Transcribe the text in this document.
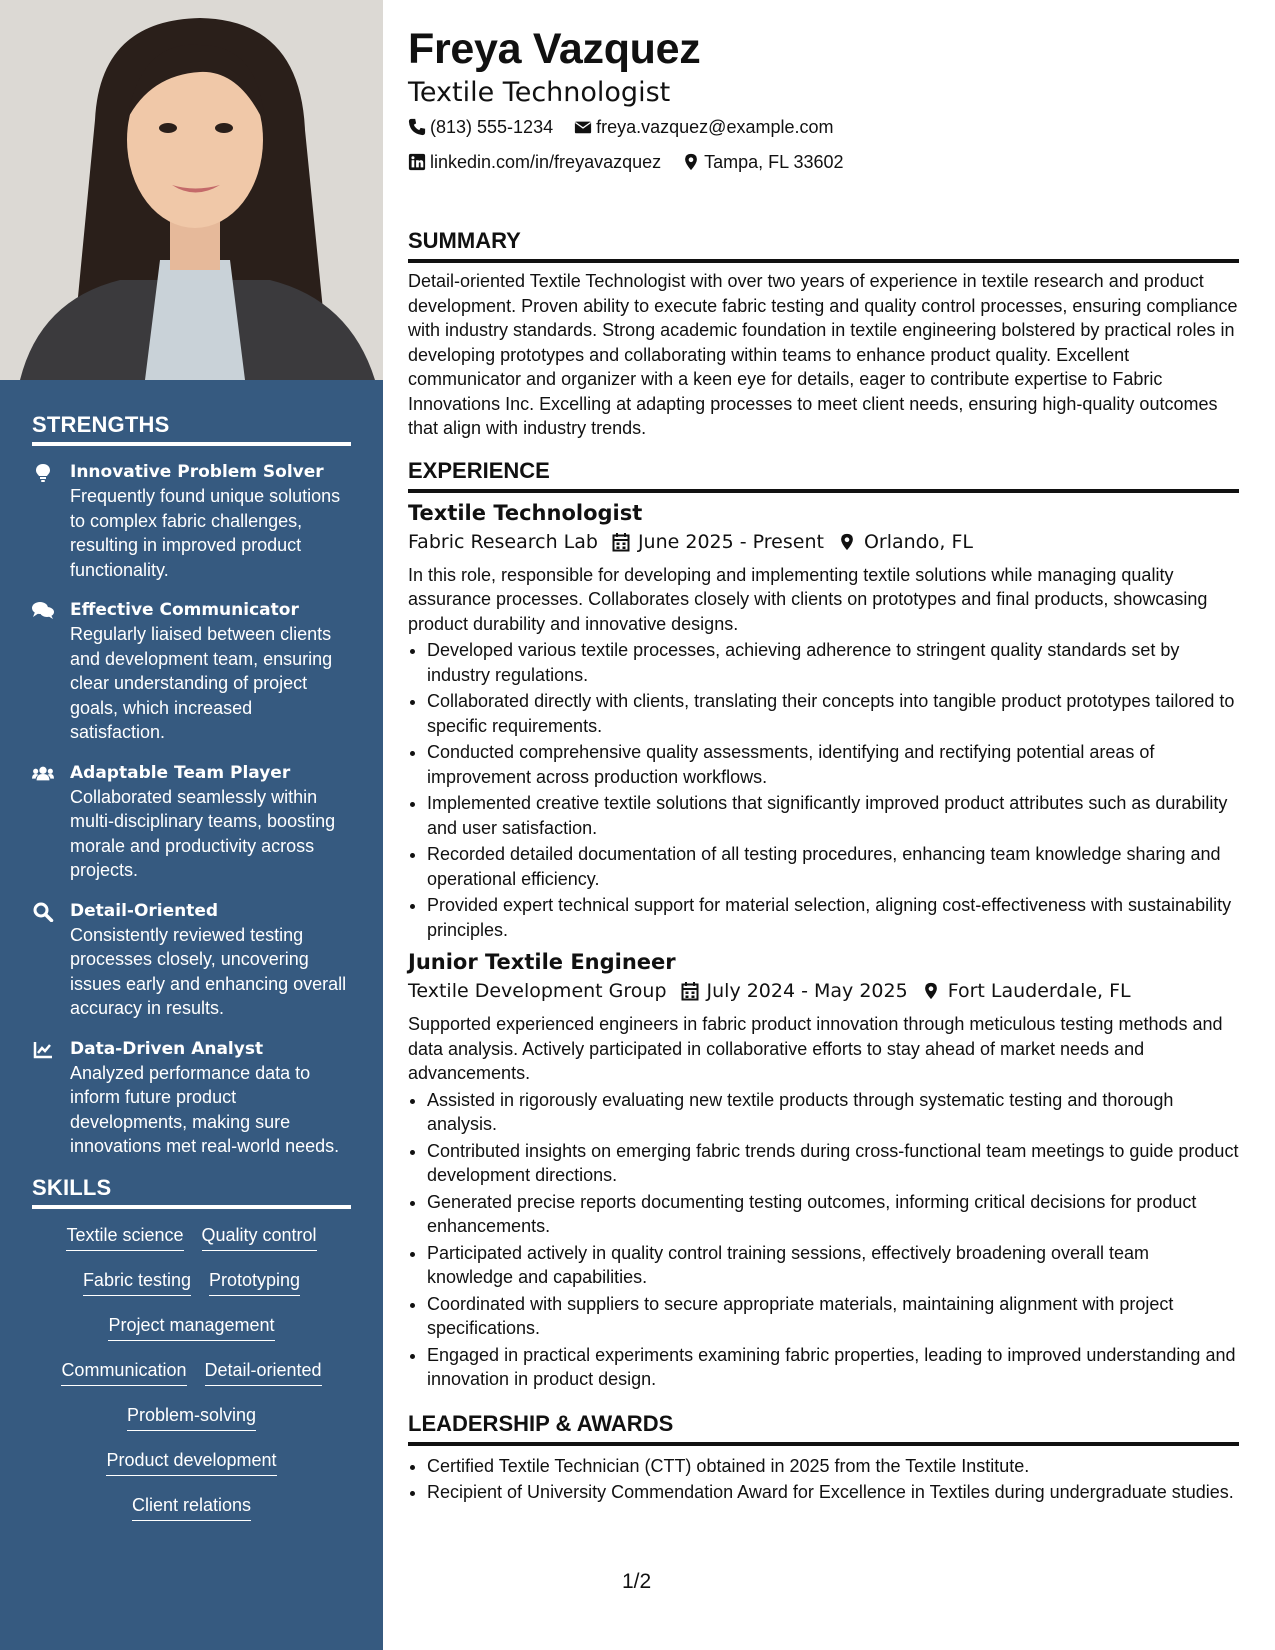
STRENGTHS
Innovative Problem Solver
Frequently found unique solutions to complex fabric challenges, resulting in improved product functionality.
Effective Communicator
Regularly liaised between clients and development team, ensuring clear understanding of project goals, which increased satisfaction.
Adaptable Team Player
Collaborated seamlessly within multi-disciplinary teams, boosting morale and productivity across projects.
Detail-Oriented
Consistently reviewed testing processes closely, uncovering issues early and enhancing overall accuracy in results.
Data-Driven Analyst
Analyzed performance data to inform future product developments, making sure innovations met real-world needs.
SKILLS
Textile science Quality control
Fabric testing Prototyping
Project management
Communication Detail-oriented
Problem-solving
Product development
Client relations
Freya Vazquez
Textile Technologist
(813) 555-1234
freya.vazquez@example.com
linkedin.com/in/freyavazquez
Tampa, FL 33602
SUMMARY
Detail-oriented Textile Technologist with over two years of experience in textile research and product development. Proven ability to execute fabric testing and quality control processes, ensuring compliance with industry standards. Strong academic foundation in textile engineering bolstered by practical roles in developing prototypes and collaborating within teams to enhance product quality. Excellent communicator and organizer with a keen eye for details, eager to contribute expertise to Fabric Innovations Inc. Excelling at adapting processes to meet client needs, ensuring high-quality outcomes that align with industry trends.
EXPERIENCE
Textile Technologist
Fabric Research Lab June 2025 - Present Orlando, FL
In this role, responsible for developing and implementing textile solutions while managing quality assurance processes. Collaborates closely with clients on prototypes and final products, showcasing product durability and innovative designs.
• Developed various textile processes, achieving adherence to stringent quality standards set by industry regulations.
• Collaborated directly with clients, translating their concepts into tangible product prototypes tailored to specific requirements.
• Conducted comprehensive quality assessments, identifying and rectifying potential areas of improvement across production workflows.
• Implemented creative textile solutions that significantly improved product attributes such as durability and user satisfaction.
• Recorded detailed documentation of all testing procedures, enhancing team knowledge sharing and operational efficiency.
• Provided expert technical support for material selection, aligning cost-effectiveness with sustainability principles.
Junior Textile Engineer
Textile Development Group July 2024 - May 2025 Fort Lauderdale, FL
Supported experienced engineers in fabric product innovation through meticulous testing methods and data analysis. Actively participated in collaborative efforts to stay ahead of market needs and advancements.
• Assisted in rigorously evaluating new textile products through systematic testing and thorough analysis.
• Contributed insights on emerging fabric trends during cross-functional team meetings to guide product development directions.
• Generated precise reports documenting testing outcomes, informing critical decisions for product enhancements.
• Participated actively in quality control training sessions, effectively broadening overall team knowledge and capabilities.
• Coordinated with suppliers to secure appropriate materials, maintaining alignment with project specifications.
• Engaged in practical experiments examining fabric properties, leading to improved understanding and innovation in product design.
LEADERSHIP & AWARDS
• Certified Textile Technician (CTT) obtained in 2025 from the Textile Institute.
• Recipient of University Commendation Award for Excellence in Textiles during undergraduate studies.
1/2
